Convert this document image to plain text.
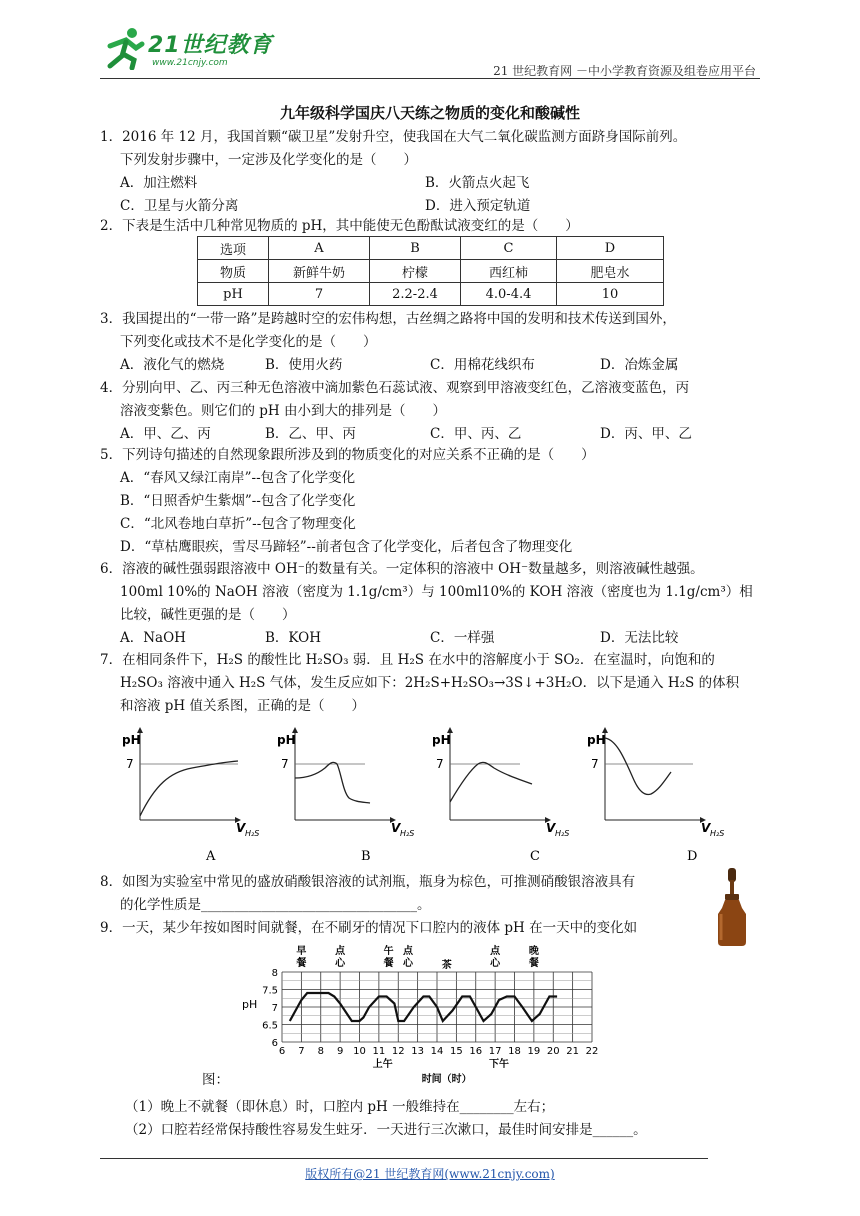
21世纪教育
www.21cnjy.com
21 世纪教育网 －中小学教育资源及组卷应用平台
九年级科学国庆八天练之物质的变化和酸碱性
1．2016 年 12 月，我国首颗“碳卫星”发射升空，使我国在大气二氧化碳监测方面跻身国际前列。
下列发射步骤中，一定涉及化学变化的是（　　）
A．加注燃料	B．火箭点火起飞
C．卫星与火箭分离	D．进入预定轨道
2．下表是生活中几种常见物质的 pH，其中能使无色酚酞试液变红的是（　　）
选项	A	B	C	D
物质	新鲜牛奶	柠檬	西红柿	肥皂水
pH	7	2.2-2.4	4.0-4.4	10
3．我国提出的“一带一路”是跨越时空的宏伟构想，古丝绸之路将中国的发明和技术传送到国外，
下列变化或技术不是化学变化的是（　　）
A．液化气的燃烧	B．使用火药	C．用棉花线织布	D．冶炼金属
4．分别向甲、乙、丙三种无色溶液中滴加紫色石蕊试液、观察到甲溶液变红色，乙溶液变蓝色，丙
溶液变紫色。则它们的 pH 由小到大的排列是（　　）
A．甲、乙、丙	B．乙、甲、丙	C．甲、丙、乙	D．丙、甲、乙
5．下列诗句描述的自然现象跟所涉及到的物质变化的对应关系不正确的是（　　）
A．“春风又绿江南岸”--包含了化学变化
B．“日照香炉生紫烟”--包含了化学变化
C．“北风卷地白草折”--包含了物理变化
D．“草枯鹰眼疾，雪尽马蹄轻”--前者包含了化学变化，后者包含了物理变化
6．溶液的碱性强弱跟溶液中 OH⁻的数量有关。一定体积的溶液中 OH⁻数量越多，则溶液碱性越强。
100ml 10%的 NaOH 溶液（密度为 1.1g/cm³）与 100ml10%的 KOH 溶液（密度也为 1.1g/cm³）相
比较，碱性更强的是（　　）
A．NaOH	B．KOH	C．一样强	D．无法比较
7．在相同条件下，H₂S 的酸性比 H₂SO₃ 弱．且 H₂S 在水中的溶解度小于 SO₂．在室温时，向饱和的
H₂SO₃ 溶液中通入 H₂S 气体，发生反应如下：2H₂S+H₂SO₃→3S↓+3H₂O．以下是通入 H₂S 的体积
和溶液 pH 值关系图，正确的是（　　）
pH
7
V H₂S
A
pH
7
V H₂S
B
pH
7
V H₂S
C
pH
7
V H₂S
D
8．如图为实验室中常见的盛放硝酸银溶液的试剂瓶，瓶身为棕色，可推测硝酸银溶液具有
的化学性质是________________________________。
9．一天，某少年按如图时间就餐，在不刷牙的情况下口腔内的液体 pH 在一天中的变化如
早
餐
点
心
午
餐
点
心	茶
点
心
晚
餐
6
6.5
7
7.5
8
6 7 8 9 10 11 12 13 14 15 16 17 18 19 20 21 22
pH
上午	下午
时间（时）
图：
（1）晚上不就餐（即休息）时，口腔内 pH 一般维持在________左右；
（2）口腔若经常保持酸性容易发生蛀牙．一天进行三次漱口，最佳时间安排是______。
版权所有@21 世纪教育网(www.21cnjy.com)
